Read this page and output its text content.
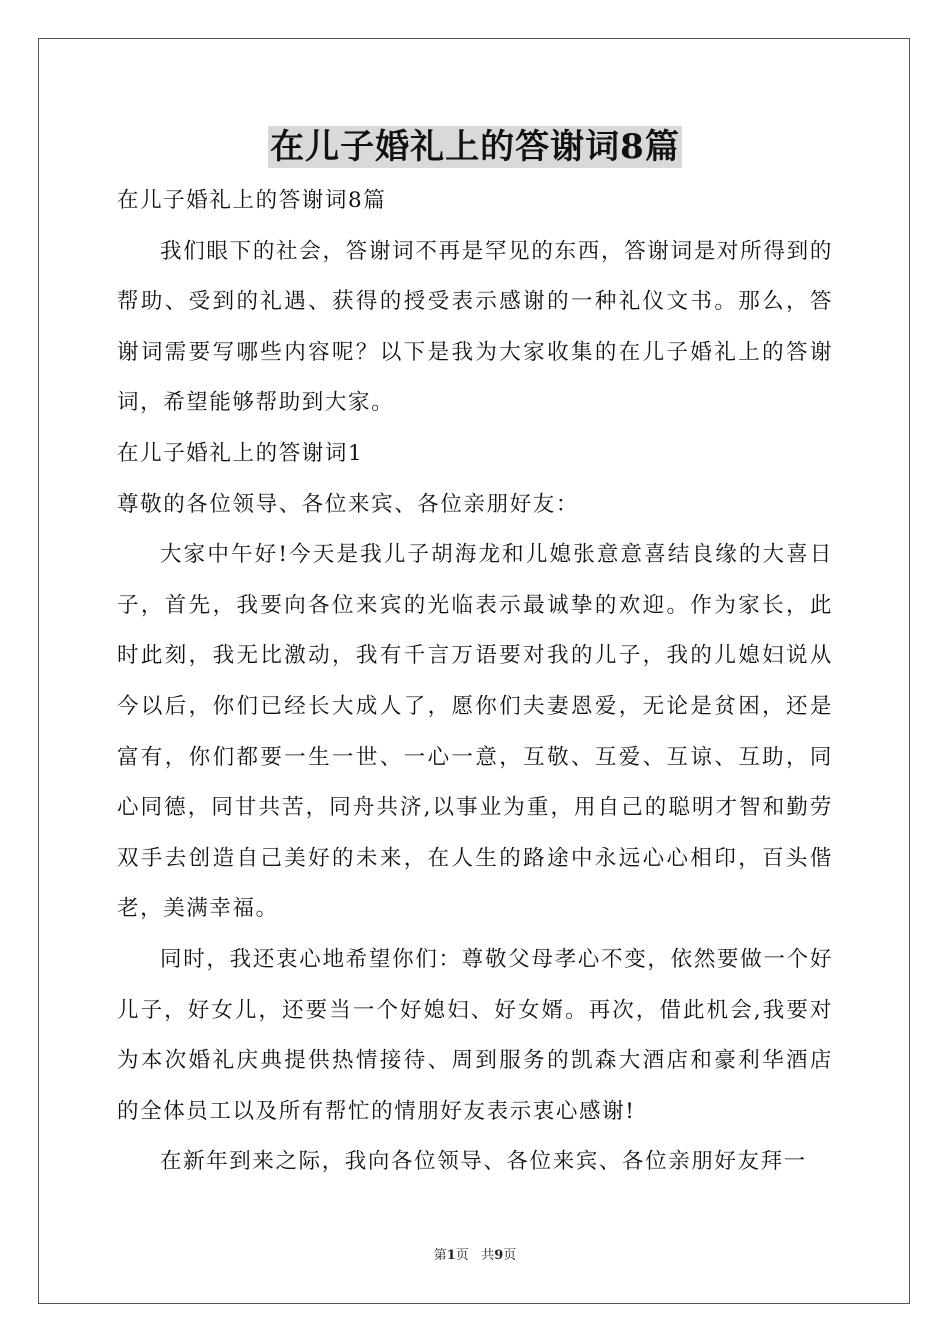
在儿子婚礼上的答谢词8篇

在儿子婚礼上的答谢词8篇

我们眼下的社会，答谢词不再是罕见的东西，答谢词是对所得到的帮助、受到的礼遇、获得的授受表示感谢的一种礼仪文书。那么，答谢词需要写哪些内容呢？以下是我为大家收集的在儿子婚礼上的答谢词，希望能够帮助到大家。

在儿子婚礼上的答谢词1

尊敬的各位领导、各位来宾、各位亲朋好友：

大家中午好!今天是我儿子胡海龙和儿媳张意意喜结良缘的大喜日子，首先，我要向各位来宾的光临表示最诚挚的欢迎。作为家长，此时此刻，我无比激动，我有千言万语要对我的儿子，我的儿媳妇说从今以后，你们已经长大成人了，愿你们夫妻恩爱，无论是贫困，还是富有，你们都要一生一世、一心一意，互敬、互爱、互谅、互助，同心同德，同甘共苦，同舟共济,以事业为重，用自己的聪明才智和勤劳双手去创造自己美好的未来，在人生的路途中永远心心相印，百头偕老，美满幸福。

同时，我还衷心地希望你们：尊敬父母孝心不变，依然要做一个好儿子，好女儿，还要当一个好媳妇、好女婿。再次，借此机会,我要对为本次婚礼庆典提供热情接待、周到服务的凯森大酒店和豪利华酒店的全体员工以及所有帮忙的情朋好友表示衷心感谢!

在新年到来之际，我向各位领导、各位来宾、各位亲朋好友拜一

第1页 共9页
